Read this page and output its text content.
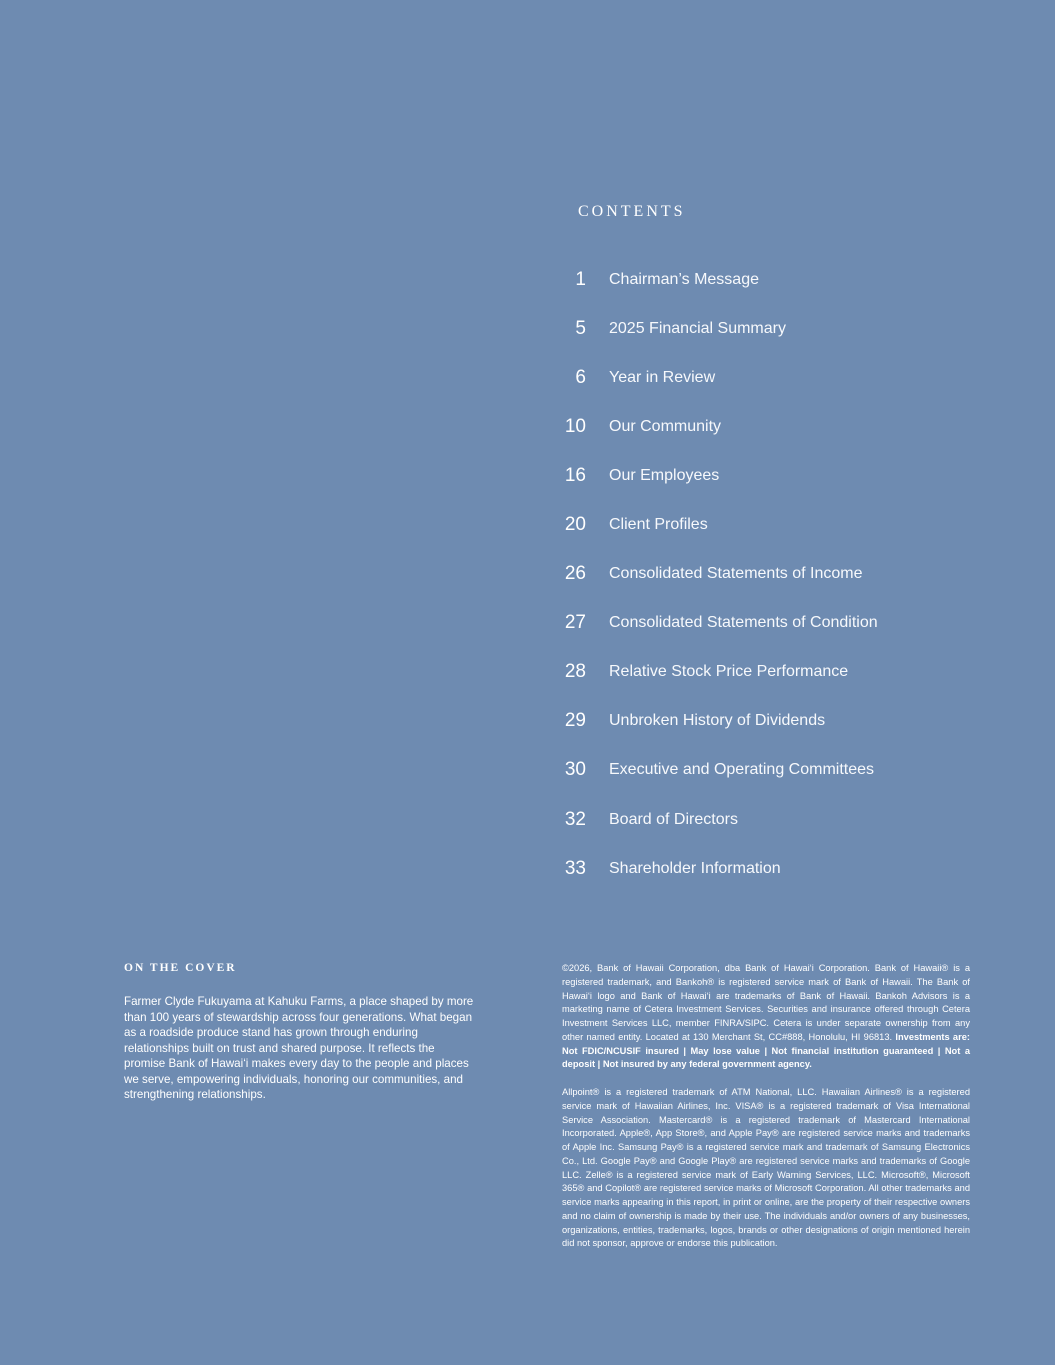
CONTENTS
1 Chairman’s Message
5 2025 Financial Summary
6 Year in Review
10 Our Community
16 Our Employees
20 Client Profiles
26 Consolidated Statements of Income
27 Consolidated Statements of Condition
28 Relative Stock Price Performance
29 Unbroken History of Dividends
30 Executive and Operating Committees
32 Board of Directors
33 Shareholder Information
ON THE COVER

Farmer Clyde Fukuyama at Kahuku Farms, a place shaped by more than 100 years of stewardship across four generations. What began as a roadside produce stand has grown through enduring relationships built on trust and shared purpose. It reflects the promise Bank of Hawai‘i makes every day to the people and places we serve, empowering individuals, honoring our communities, and strengthening relationships.

©2026, Bank of Hawaii Corporation, dba Bank of Hawai‘i Corporation. Bank of Hawaii® is a registered trademark, and Bankoh® is registered service mark of Bank of Hawaii. The Bank of Hawai‘i logo and Bank of Hawai‘i are trademarks of Bank of Hawaii. Bankoh Advisors is a marketing name of Cetera Investment Services. Securities and insurance offered through Cetera Investment Services LLC, member FINRA/SIPC. Cetera is under separate ownership from any other named entity. Located at 130 Merchant St, CC#888, Honolulu, HI 96813. Investments are: Not FDIC/NCUSIF insured | May lose value | Not financial institution guaranteed | Not a deposit | Not insured by any federal government agency.

Allpoint® is a registered trademark of ATM National, LLC. Hawaiian Airlines® is a registered service mark of Hawaiian Airlines, Inc. VISA® is a registered trademark of Visa International Service Association. Mastercard® is a registered trademark of Mastercard International Incorporated. Apple®, App Store®, and Apple Pay® are registered service marks and trademarks of Apple Inc. Samsung Pay® is a registered service mark and trademark of Samsung Electronics Co., Ltd. Google Pay® and Google Play® are registered service marks and trademarks of Google LLC. Zelle® is a registered service mark of Early Warning Services, LLC. Microsoft®, Microsoft 365® and Copilot® are registered service marks of Microsoft Corporation. All other trademarks and service marks appearing in this report, in print or online, are the property of their respective owners and no claim of ownership is made by their use. The individuals and/or owners of any businesses, organizations, entities, trademarks, logos, brands or other designations of origin mentioned herein did not sponsor, approve or endorse this publication.
